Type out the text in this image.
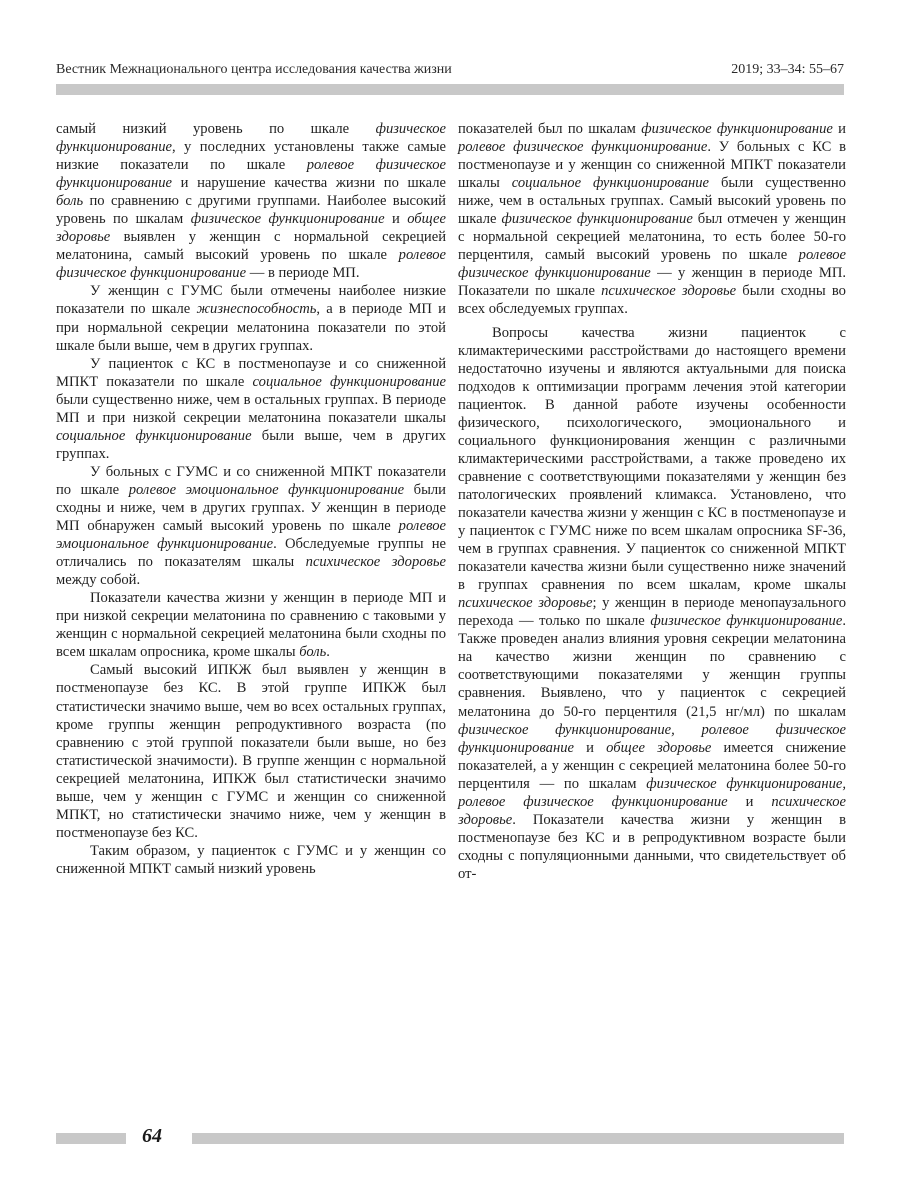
Вестник Межнационального центра исследования качества жизни	2019; 33–34: 55–67

самый низкий уровень по шкале физическое функционирование, у последних установлены также самые низкие показатели по шкале ролевое физическое функционирование и нарушение качества жизни по шкале боль по сравнению с другими группами. Наиболее высокий уровень по шкалам физическое функционирование и общее здоровье выявлен у женщин с нормальной секрецией мелатонина, самый высокий уровень по шкале ролевое физическое функционирование — в периоде МП.

У женщин с ГУМС были отмечены наиболее низкие показатели по шкале жизнеспособность, а в периоде МП и при нормальной секреции мелатонина показатели по этой шкале были выше, чем в других группах.

У пациенток с КС в постменопаузе и со сниженной МПКТ показатели по шкале социальное функционирование были существенно ниже, чем в остальных группах. В периоде МП и при низкой секреции мелатонина показатели шкалы социальное функционирование были выше, чем в других группах.

У больных с ГУМС и со сниженной МПКТ показатели по шкале ролевое эмоциональное функционирование были сходны и ниже, чем в других группах. У женщин в периоде МП обнаружен самый высокий уровень по шкале ролевое эмоциональное функционирование. Обследуемые группы не отличались по показателям шкалы психическое здоровье между собой.

Показатели качества жизни у женщин в периоде МП и при низкой секреции мелатонина по сравнению с таковыми у женщин с нормальной секрецией мелатонина были сходны по всем шкалам опросника, кроме шкалы боль.

Самый высокий ИПКЖ был выявлен у женщин в постменопаузе без КС. В этой группе ИПКЖ был статистически значимо выше, чем во всех остальных группах, кроме группы женщин репродуктивного возраста (по сравнению с этой группой показатели были выше, но без статистической значимости). В группе женщин с нормальной секрецией мелатонина, ИПКЖ был статистически значимо выше, чем у женщин с ГУМС и женщин со сниженной МПКТ, но статистически значимо ниже, чем у женщин в постменопаузе без КС.

Таким образом, у пациенток с ГУМС и у женщин со сниженной МПКТ самый низкий уровень

показателей был по шкалам физическое функционирование и ролевое физическое функционирование. У больных с КС в постменопаузе и у женщин со сниженной МПКТ показатели шкалы социальное функционирование были существенно ниже, чем в остальных группах. Самый высокий уровень по шкале физическое функционирование был отмечен у женщин с нормальной секрецией мелатонина, то есть более 50-го перцентиля, самый высокий уровень по шкале ролевое физическое функционирование — у женщин в периоде МП. Показатели по шкале психическое здоровье были сходны во всех обследуемых группах.

Вопросы качества жизни пациенток с климактерическими расстройствами до настоящего времени недостаточно изучены и являются актуальными для поиска подходов к оптимизации программ лечения этой категории пациенток. В данной работе изучены особенности физического, психологического, эмоционального и социального функционирования женщин с различными климактерическими расстройствами, а также проведено их сравнение с соответствующими показателями у женщин без патологических проявлений климакса. Установлено, что показатели качества жизни у женщин с КС в постменопаузе и у пациенток с ГУМС ниже по всем шкалам опросника SF-36, чем в группах сравнения. У пациенток со сниженной МПКТ показатели качества жизни были существенно ниже значений в группах сравнения по всем шкалам, кроме шкалы психическое здоровье; у женщин в периоде менопаузального перехода — только по шкале физическое функционирование. Также проведен анализ влияния уровня секреции мелатонина на качество жизни женщин по сравнению с соответствующими показателями у женщин группы сравнения. Выявлено, что у пациенток с секрецией мелатонина до 50-го перцентиля (21,5 нг/мл) по шкалам физическое функционирование, ролевое физическое функционирование и общее здоровье имеется снижение показателей, а у женщин с секрецией мелатонина более 50-го перцентиля — по шкалам физическое функционирование, ролевое физическое функционирование и психическое здоровье. Показатели качества жизни у женщин в постменопаузе без КС и в репродуктивном возрасте были сходны с популяционными данными, что свидетельствует об от-

64
